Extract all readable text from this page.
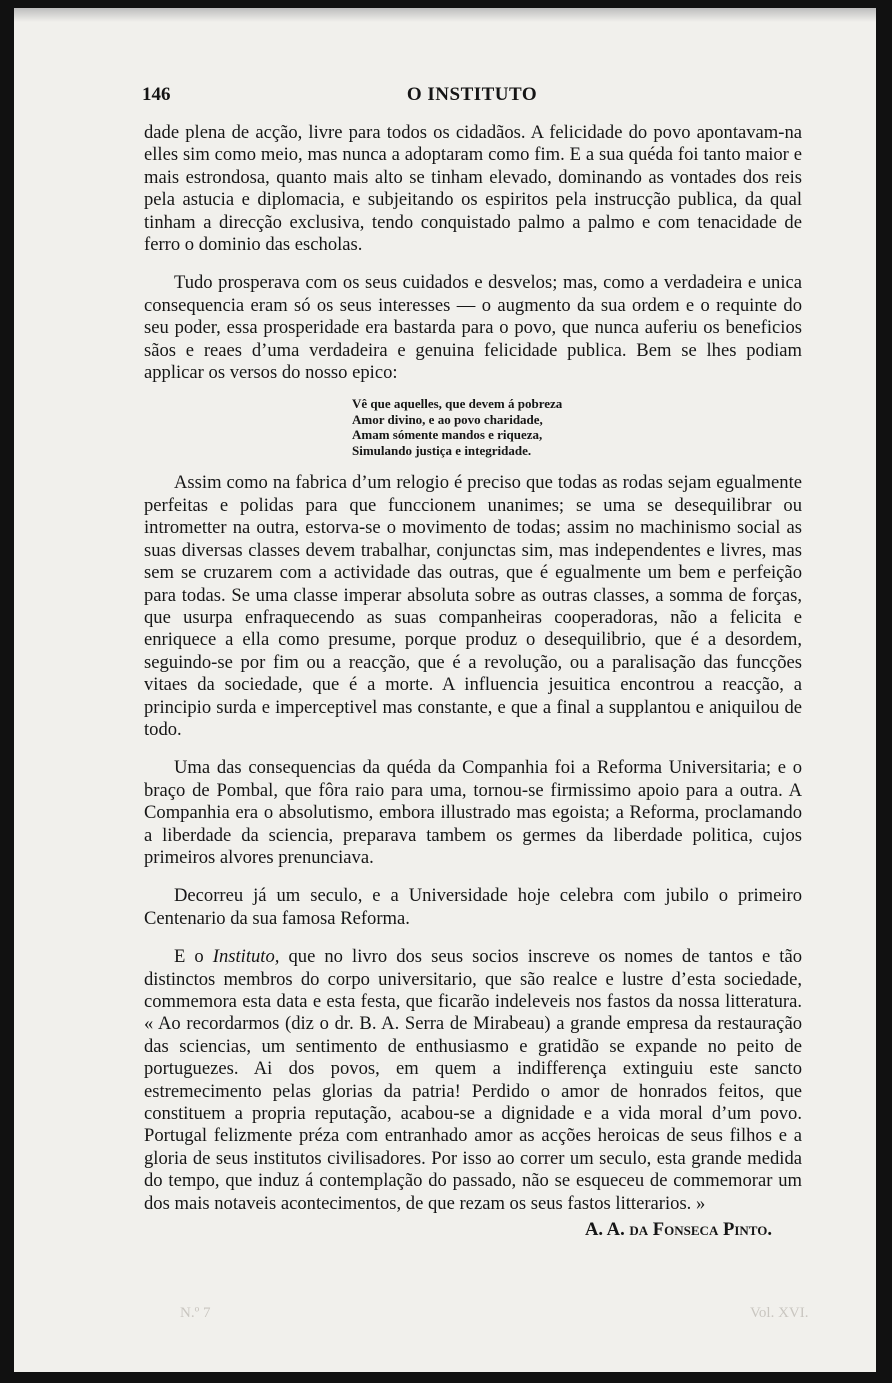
146	O INSTITUTO

dade plena de acção, livre para todos os cidadãos. A felicidade do povo apontavam-na elles sim como meio, mas nunca a adoptaram como fim. E a sua quéda foi tanto maior e mais estrondosa, quanto mais alto se tinham elevado, dominando as vontades dos reis pela astucia e diplomacia, e subjeitando os espiritos pela instrucção publica, da qual tinham a direcção exclusiva, tendo conquistado palmo a palmo e com tenacidade de ferro o dominio das escholas.

Tudo prosperava com os seus cuidados e desvelos; mas, como a verdadeira e unica consequencia eram só os seus interesses — o augmento da sua ordem e o requinte do seu poder, essa prosperidade era bastarda para o povo, que nunca auferiu os beneficios sãos e reaes d’uma verdadeira e genuina felicidade publica. Bem se lhes podiam applicar os versos do nosso epico:

Vê que aquelles, que devem á pobreza
Amor divino, e ao povo charidade,
Amam sómente mandos e riqueza,
Simulando justiça e integridade.

Assim como na fabrica d’um relogio é preciso que todas as rodas sejam egualmente perfeitas e polidas para que funccionem unanimes; se uma se desequilibrar ou intrometter na outra, estorva-se o movimento de todas; assim no machinismo social as suas diversas classes devem trabalhar, conjunctas sim, mas independentes e livres, mas sem se cruzarem com a actividade das outras, que é egualmente um bem e perfeição para todas. Se uma classe imperar absoluta sobre as outras classes, a somma de forças, que usurpa enfraquecendo as suas companheiras cooperadoras, não a felicita e enriquece a ella como presume, porque produz o desequilibrio, que é a desordem, seguindo-se por fim ou a reacção, que é a revolução, ou a paralisação das funcções vitaes da sociedade, que é a morte. A influencia jesuitica encontrou a reacção, a principio surda e imperceptivel mas constante, e que a final a supplantou e aniquilou de todo.

Uma das consequencias da quéda da Companhia foi a Reforma Universitaria; e o braço de Pombal, que fôra raio para uma, tornou-se firmissimo apoio para a outra. A Companhia era o absolutismo, embora illustrado mas egoista; a Reforma, proclamando a liberdade da sciencia, preparava tambem os germes da liberdade politica, cujos primeiros alvores prenunciava.

Decorreu já um seculo, e a Universidade hoje celebra com jubilo o primeiro Centenario da sua famosa Reforma.

E o Instituto, que no livro dos seus socios inscreve os nomes de tantos e tão distinctos membros do corpo universitario, que são realce e lustre d’esta sociedade, commemora esta data e esta festa, que ficarão indeleveis nos fastos da nossa litteratura. « Ao recordarmos (diz o dr. B. A. Serra de Mirabeau) a grande empresa da restauração das sciencias, um sentimento de enthusiasmo e gratidão se expande no peito de portuguezes. Ai dos povos, em quem a indifferença extinguiu este sancto estremecimento pelas glorias da patria! Perdido o amor de honrados feitos, que constituem a propria reputação, acabou-se a dignidade e a vida moral d’um povo. Portugal felizmente préza com entranhado amor as acções heroicas de seus filhos e a gloria de seus institutos civilisadores. Por isso ao correr um seculo, esta grande medida do tempo, que induz á contemplação do passado, não se esqueceu de commemorar um dos mais notaveis acontecimentos, de que rezam os seus fastos litterarios. »

A. A. da Fonseca Pinto.
N.º 7	Vol. XVI.
